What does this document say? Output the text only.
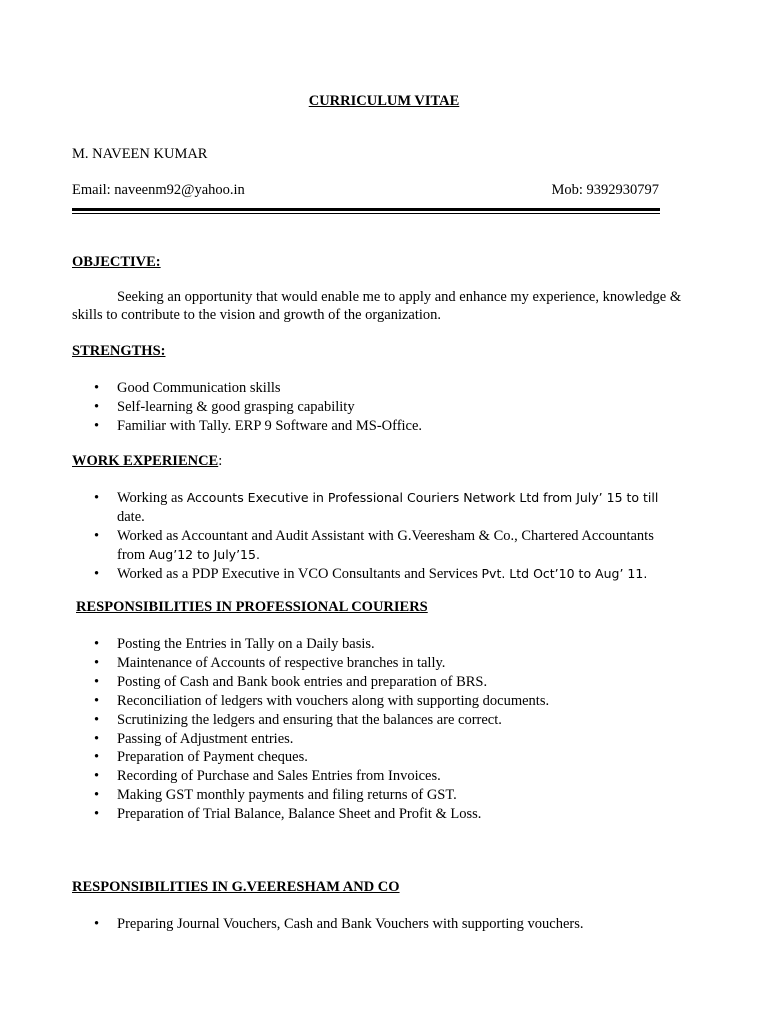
CURRICULUM VITAE
M. NAVEEN KUMAR
Email: naveenm92@yahoo.in	Mob: 9392930797
OBJECTIVE:
Seeking an opportunity that would enable me to apply and enhance my experience, knowledge & skills to contribute to the vision and growth of the organization.
STRENGTHS:
• Good Communication skills
• Self-learning & good grasping capability
• Familiar with Tally. ERP 9 Software and MS-Office.
WORK EXPERIENCE:
• Working as Accounts Executive in Professional Couriers Network Ltd from July’ 15 to till date.
• Worked as Accountant and Audit Assistant with G.Veeresham & Co., Chartered Accountants from Aug’12 to July’15.
• Worked as a PDP Executive in VCO Consultants and Services Pvt. Ltd Oct’10 to Aug’ 11.
RESPONSIBILITIES IN PROFESSIONAL COURIERS
• Posting the Entries in Tally on a Daily basis.
• Maintenance of Accounts of respective branches in tally.
• Posting of Cash and Bank book entries and preparation of BRS.
• Reconciliation of ledgers with vouchers along with supporting documents.
• Scrutinizing the ledgers and ensuring that the balances are correct.
• Passing of Adjustment entries.
• Preparation of Payment cheques.
• Recording of Purchase and Sales Entries from Invoices.
• Making GST monthly payments and filing returns of GST.
• Preparation of Trial Balance, Balance Sheet and Profit & Loss.
RESPONSIBILITIES IN G.VEERESHAM AND CO
• Preparing Journal Vouchers, Cash and Bank Vouchers with supporting vouchers.
